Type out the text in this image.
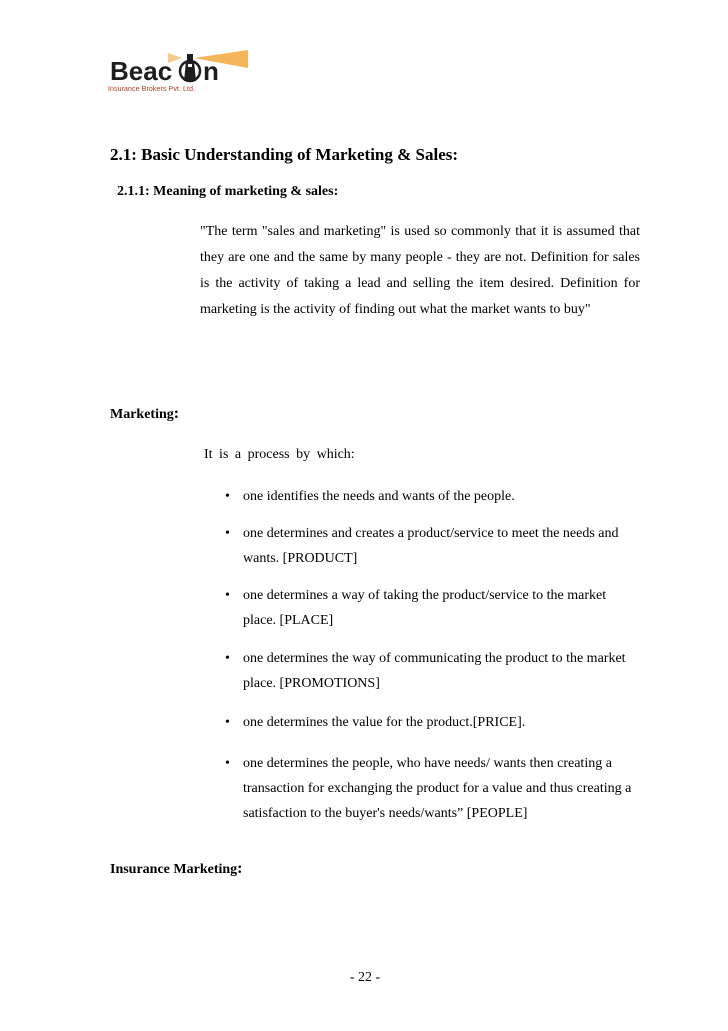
Beac n
Insurance Brokers Pvt. Ltd.
2.1: Basic Understanding of Marketing & Sales:
2.1.1: Meaning of marketing & sales:
"The term "sales and marketing" is used so commonly that it is assumed that they are one and the same by many people - they are not. Definition for sales is the activity of taking a lead and selling the item desired. Definition for marketing is the activity of finding out what the market wants to buy"
Marketing:
It is a process by which:
• one identifies the needs and wants of the people.
• one determines and creates a product/service to meet the needs and wants. [PRODUCT]
• one determines a way of taking the product/service to the market place. [PLACE]
• one determines the way of communicating the product to the market place. [PROMOTIONS]
• one determines the value for the product.[PRICE].
• one determines the people, who have needs/ wants then creating a transaction for exchanging the product for a value and thus creating a satisfaction to the buyer's needs/wants” [PEOPLE]
Insurance Marketing:
- 22 -
